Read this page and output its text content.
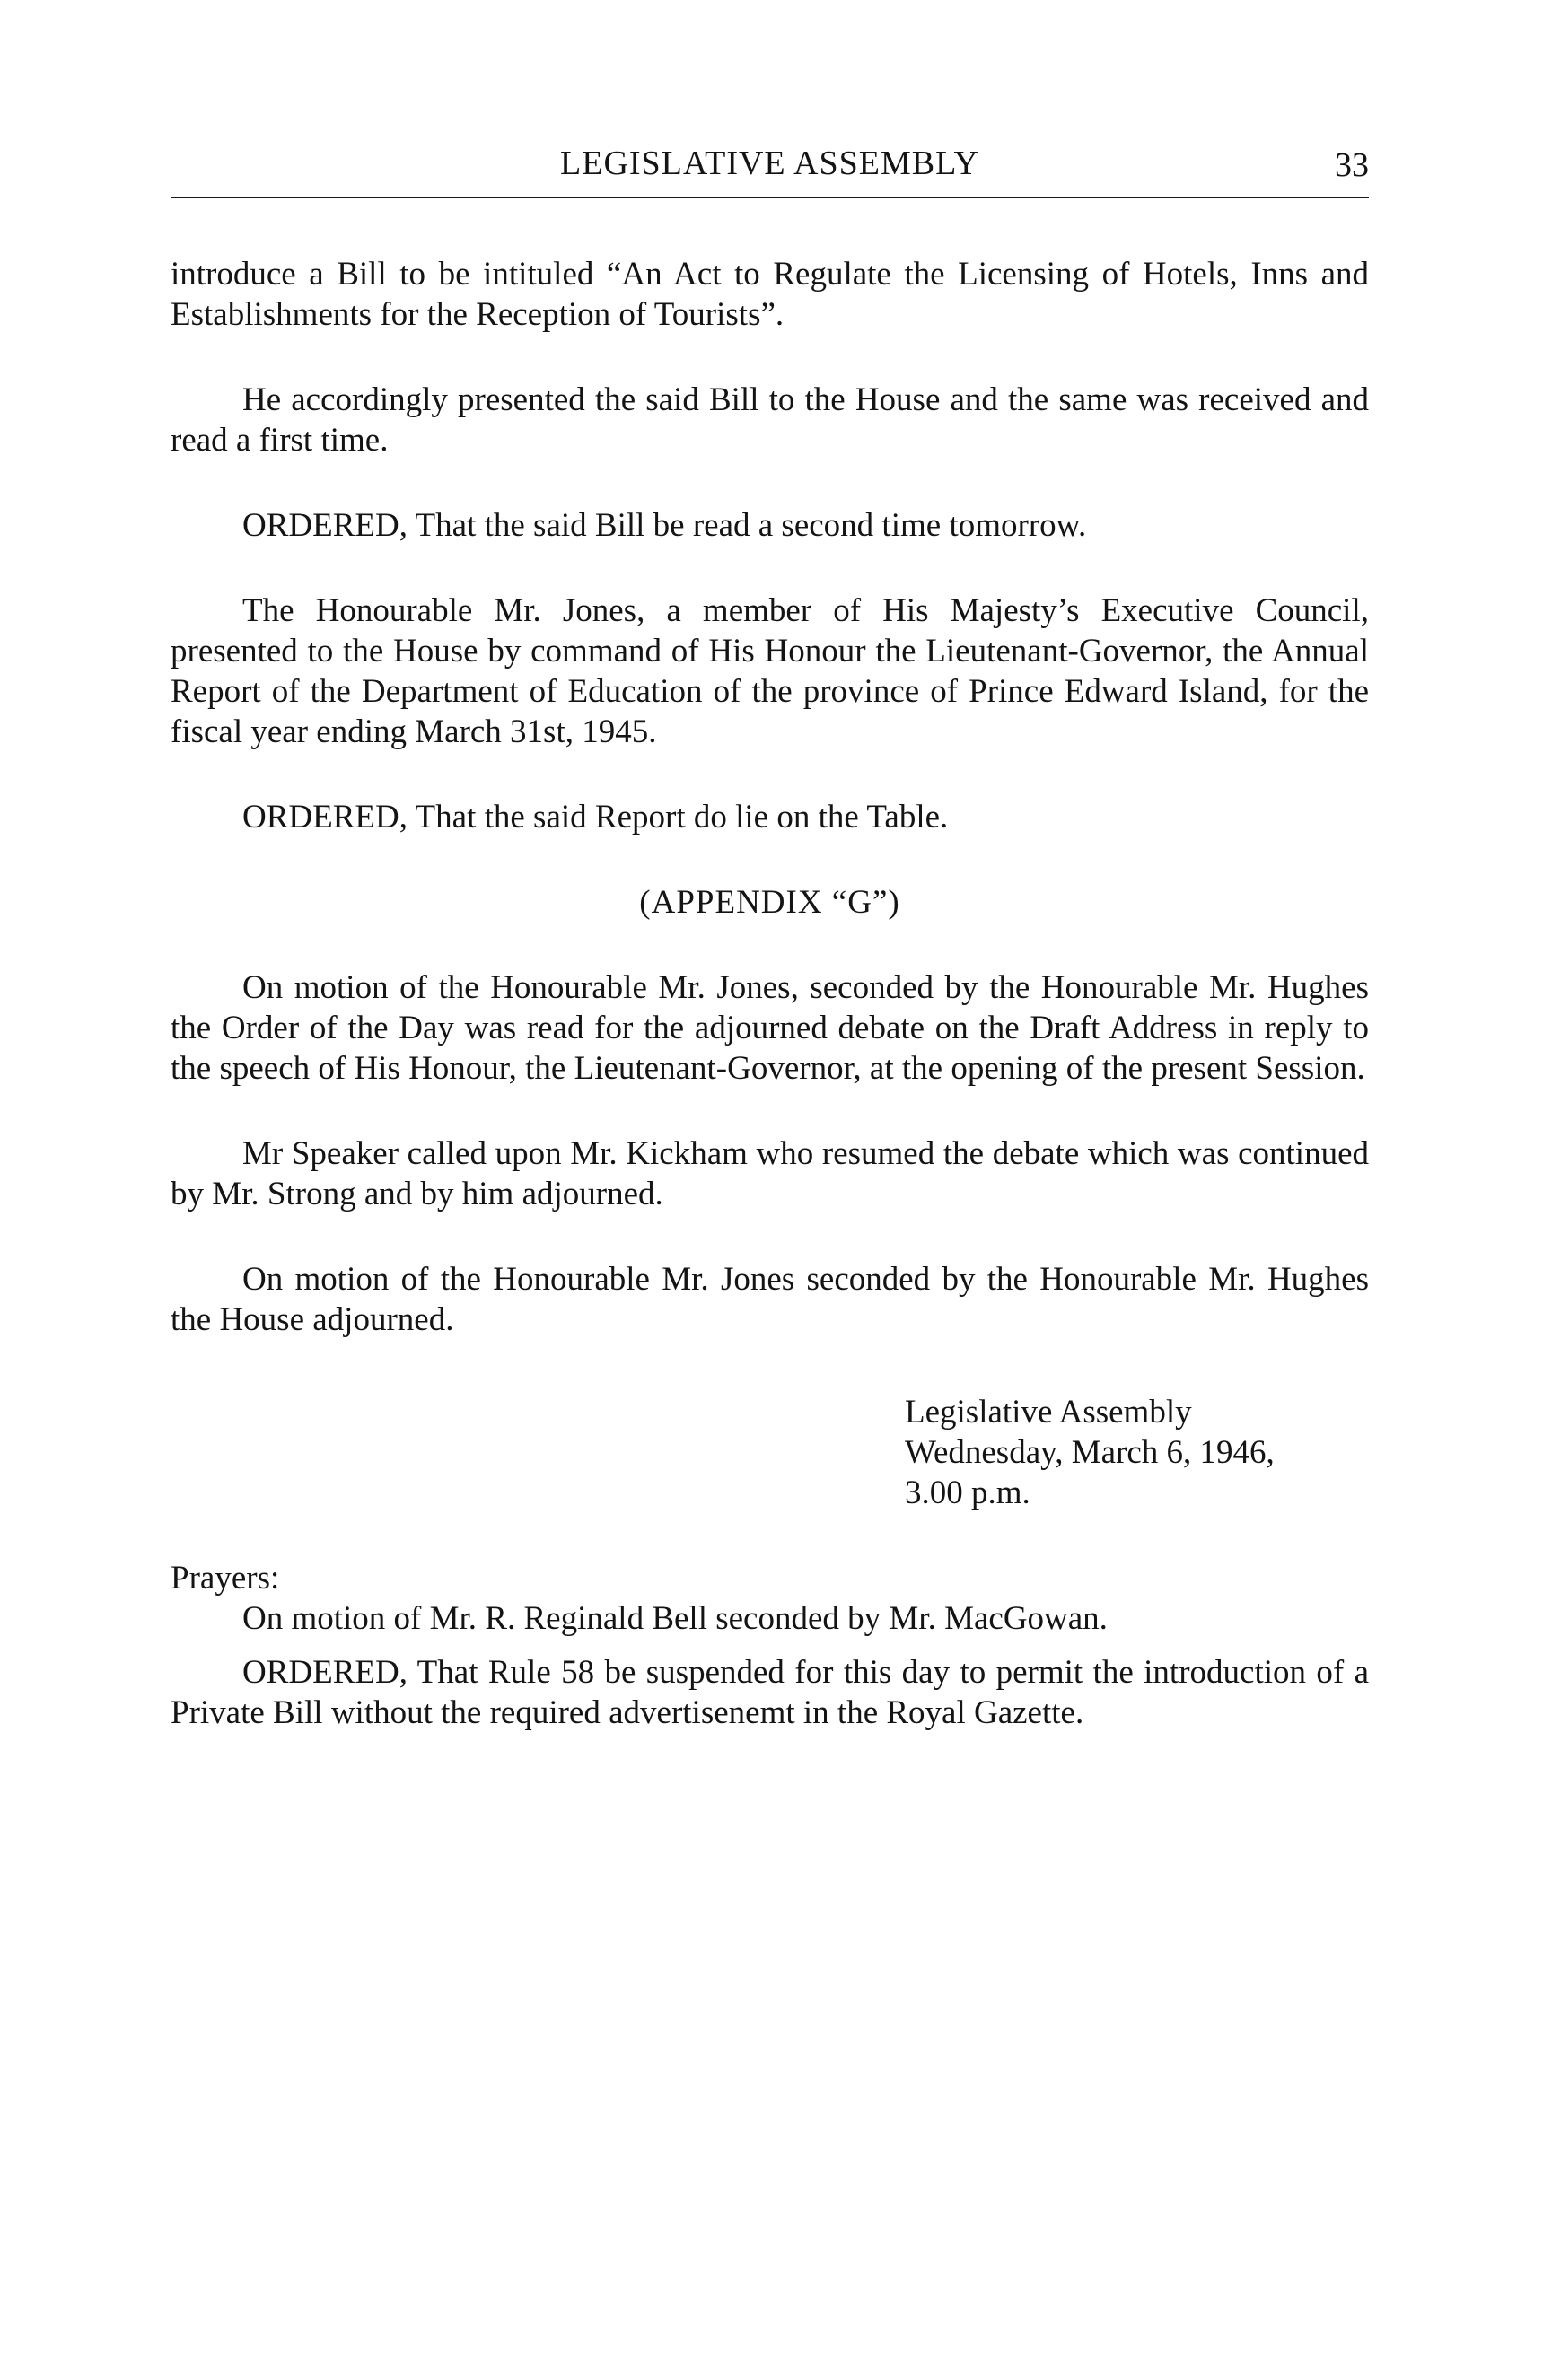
LEGISLATIVE ASSEMBLY	33

introduce a Bill to be intituled “An Act to Regulate the Licensing of Hotels, Inns and Establishments for the Reception of Tourists”.

He accordingly presented the said Bill to the House and the same was received and read a first time.

ORDERED, That the said Bill be read a second time tomorrow.

The Honourable Mr. Jones, a member of His Majesty’s Executive Council, presented to the House by command of His Honour the Lieutenant-Governor, the Annual Report of the Department of Education of the province of Prince Edward Island, for the fiscal year ending March 31st, 1945.

ORDERED, That the said Report do lie on the Table.

(APPENDIX “G”)

On motion of the Honourable Mr. Jones, seconded by the Honourable Mr. Hughes the Order of the Day was read for the adjourned debate on the Draft Address in reply to the speech of His Honour, the Lieutenant-Governor, at the opening of the present Session.

Mr Speaker called upon Mr. Kickham who resumed the debate which was continued by Mr. Strong and by him adjourned.

On motion of the Honourable Mr. Jones seconded by the Honourable Mr. Hughes the House adjourned.

Legislative Assembly
Wednesday, March 6, 1946,
3.00 p.m.

Prayers:

On motion of Mr. R. Reginald Bell seconded by Mr. MacGowan.

ORDERED, That Rule 58 be suspended for this day to permit the introduction of a Private Bill without the required advertisenemt in the Royal Gazette.
